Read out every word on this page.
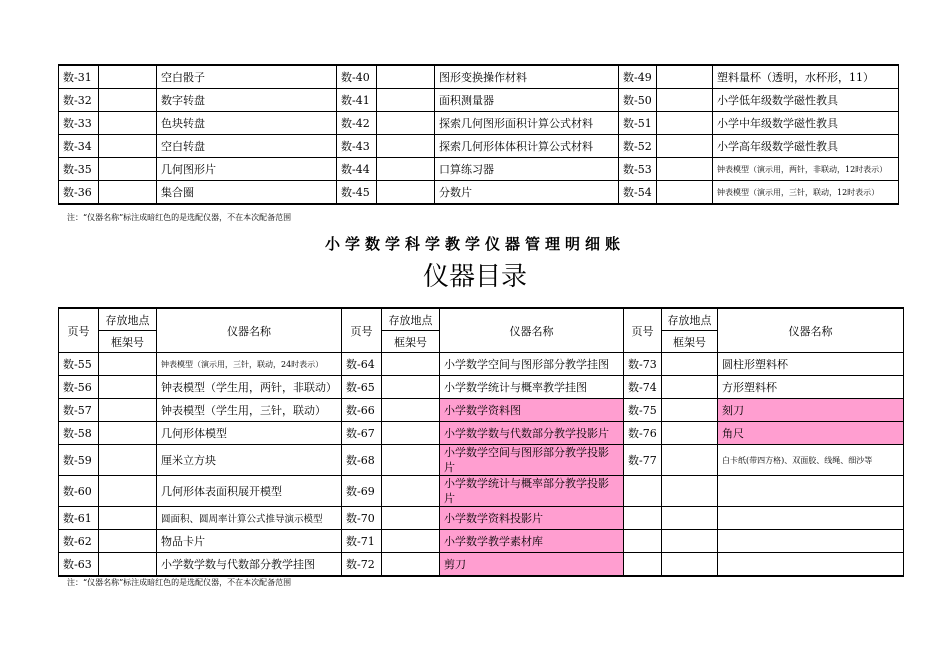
数-31		空白骰子	数-40		图形变换操作材料	数-49		塑料量杯（透明，水杯形，11）
数-32		数字转盘	数-41		面积测量器	数-50		小学低年级数学磁性教具
数-33		色块转盘	数-42		探索几何图形面积计算公式材料	数-51		小学中年级数学磁性教具
数-34		空白转盘	数-43		探索几何形体体积计算公式材料	数-52		小学高年级数学磁性教具
数-35		几何图形片	数-44		口算练习器	数-53		钟表模型（演示用，两针，非联动，12时表示）
数-36		集合圈	数-45		分数片	数-54		钟表模型（演示用，三针，联动，12时表示）
注：“仪器名称”标注成暗红色的是选配仪器，不在本次配备范围
小学数学科学教学仪器管理明细账
仪器目录
页号	存放地点	仪器名称	页号	存放地点	仪器名称	页号	存放地点	仪器名称
	框架号			框架号			框架号	
数-55		钟表模型（演示用，三针，联动，24时表示）	数-64		小学数学空间与图形部分教学挂图	数-73		圆柱形塑料杯
数-56		钟表模型（学生用，两针，非联动）	数-65		小学数学统计与概率教学挂图	数-74		方形塑料杯
数-57		钟表模型（学生用，三针，联动）	数-66		小学数学资料图	数-75		刻刀
数-58		几何形体模型	数-67		小学数学数与代数部分教学投影片	数-76		角尺
数-59		厘米立方块	数-68		小学数学空间与图形部分教学投影片	数-77		白卡纸(带四方格)、双面胶、线绳、细沙等
数-60		几何形体表面积展开模型	数-69		小学数学统计与概率部分教学投影片			
数-61		圆面积、圆周率计算公式推导演示模型	数-70		小学数学资料投影片			
数-62		物品卡片	数-71		小学数学教学素材库			
数-63		小学数学数与代数部分教学挂图	数-72		剪刀			
注：“仪器名称”标注成暗红色的是选配仪器，不在本次配备范围
